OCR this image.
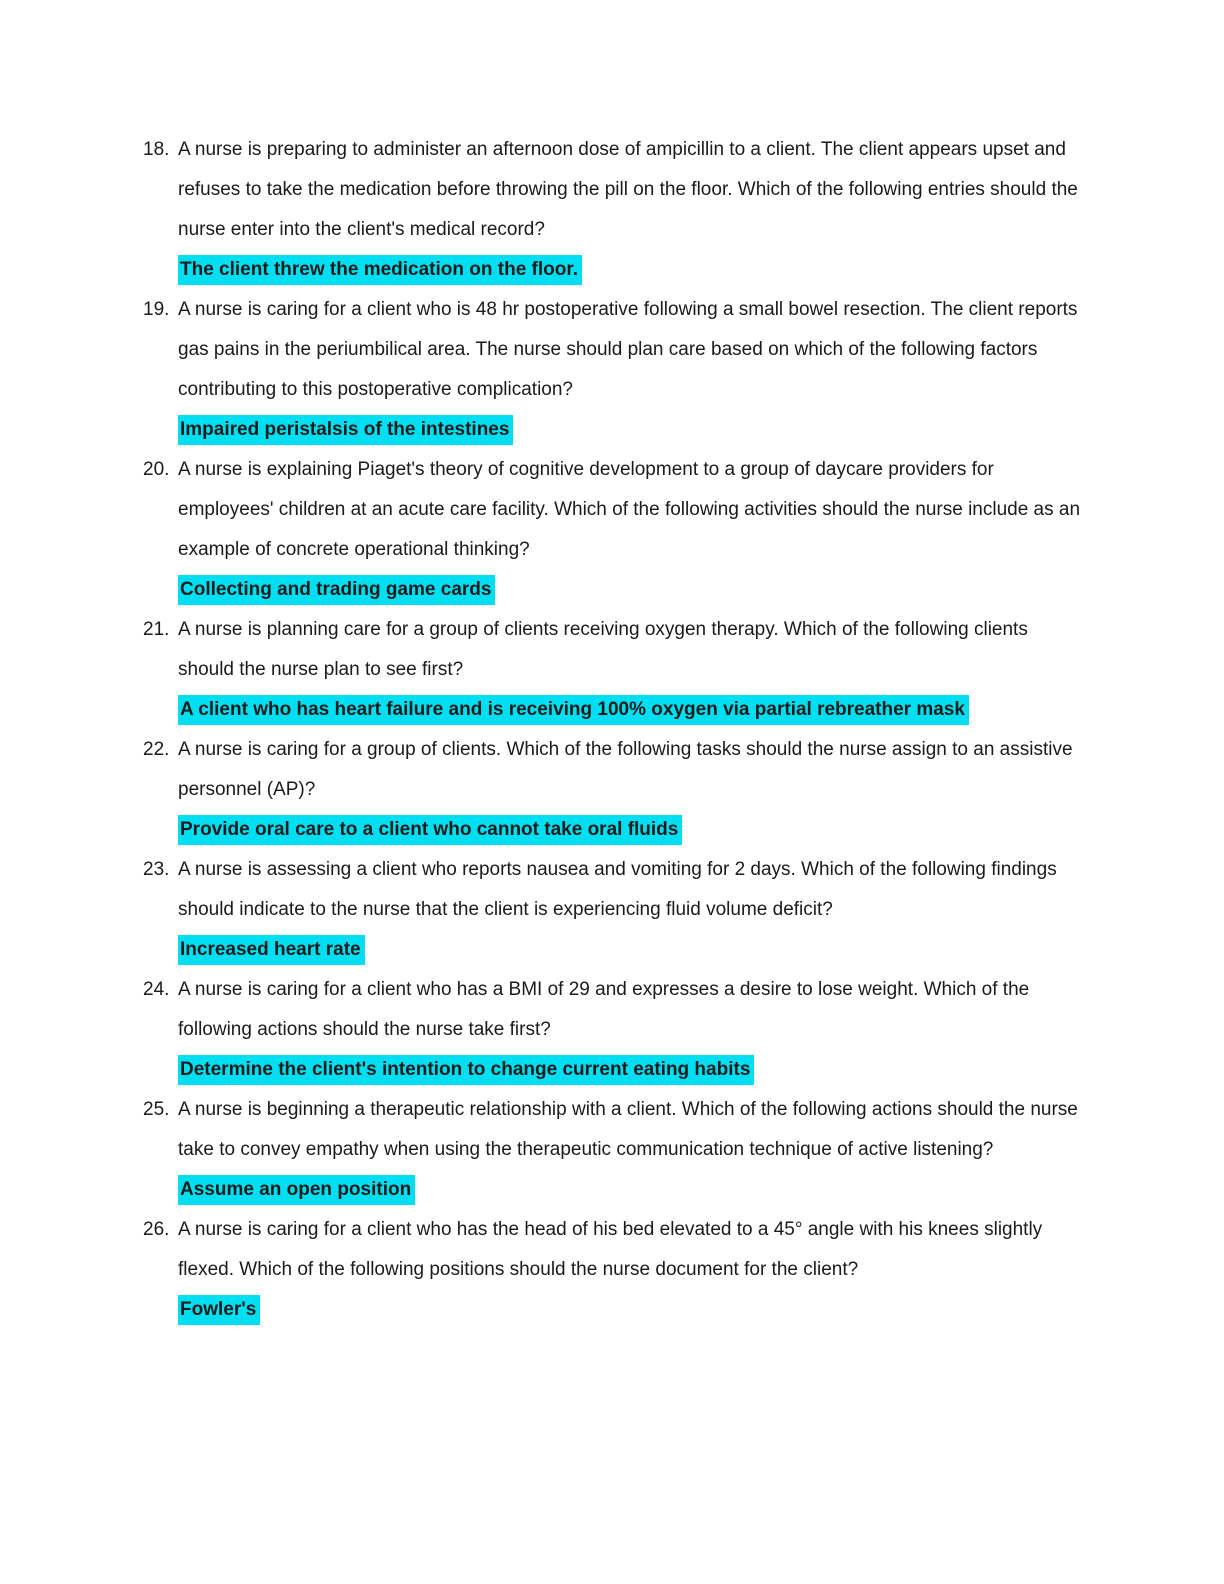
18. A nurse is preparing to administer an afternoon dose of ampicillin to a client. The client appears upset and refuses to take the medication before throwing the pill on the floor. Which of the following entries should the nurse enter into the client's medical record?
The client threw the medication on the floor.
19. A nurse is caring for a client who is 48 hr postoperative following a small bowel resection. The client reports gas pains in the periumbilical area. The nurse should plan care based on which of the following factors contributing to this postoperative complication?
Impaired peristalsis of the intestines
20. A nurse is explaining Piaget's theory of cognitive development to a group of daycare providers for employees' children at an acute care facility. Which of the following activities should the nurse include as an example of concrete operational thinking?
Collecting and trading game cards
21. A nurse is planning care for a group of clients receiving oxygen therapy. Which of the following clients should the nurse plan to see first?
A client who has heart failure and is receiving 100% oxygen via partial rebreather mask
22. A nurse is caring for a group of clients. Which of the following tasks should the nurse assign to an assistive personnel (AP)?
Provide oral care to a client who cannot take oral fluids
23. A nurse is assessing a client who reports nausea and vomiting for 2 days. Which of the following findings should indicate to the nurse that the client is experiencing fluid volume deficit?
Increased heart rate
24. A nurse is caring for a client who has a BMI of 29 and expresses a desire to lose weight. Which of the following actions should the nurse take first?
Determine the client's intention to change current eating habits
25. A nurse is beginning a therapeutic relationship with a client. Which of the following actions should the nurse take to convey empathy when using the therapeutic communication technique of active listening?
Assume an open position
26. A nurse is caring for a client who has the head of his bed elevated to a 45° angle with his knees slightly flexed. Which of the following positions should the nurse document for the client?
Fowler's
